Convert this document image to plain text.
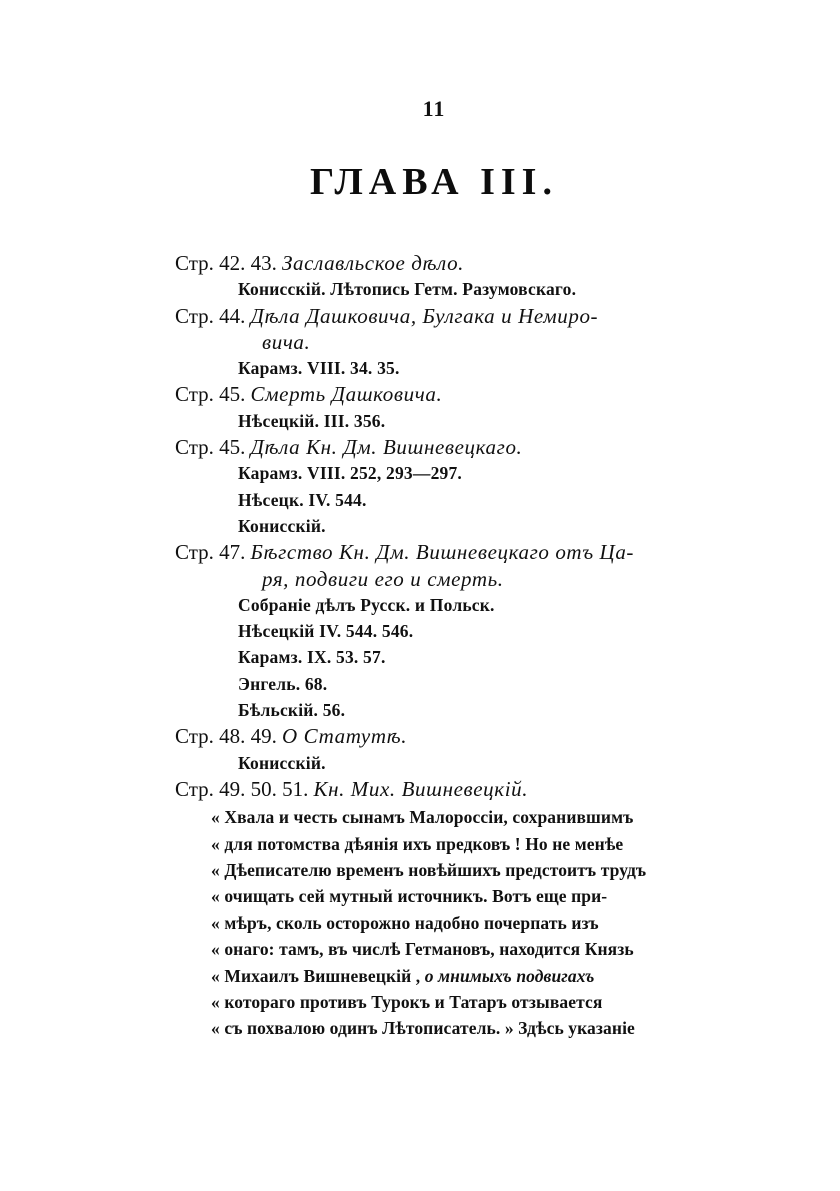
11
ГЛАВА III.
Стр. 42. 43. Заславльское дѣло.
Конисскій. Лѣтопись Гетм. Разумовскаго.
Стр. 44. Дѣла Дашковича, Булгака и Немиро-
вича.
Карамз. VIII. 34. 35.
Стр. 45. Смерть Дашковича.
Нѣсецкій. III. 356.
Стр. 45. Дѣла Кн. Дм. Вишневецкаго.
Карамз. VIII. 252, 293—297.
Нѣсецк. IV. 544.
Конисскій.
Стр. 47. Бѣгство Кн. Дм. Вишневецкаго отъ Ца-
ря, подвиги его и смерть.
Собраніе дѣлъ Русск. и Польск.
Нѣсецкій IV. 544. 546.
Карамз. IX. 53. 57.
Энгель. 68.
Бѣльскій. 56.
Стр. 48. 49. О Статутѣ.
Конисскій.
Стр. 49. 50. 51. Кн. Мих. Вишневецкій.
« Хвала и честь сынамъ Малороссіи, сохранившимъ
« для потомства дѣянія ихъ предковъ ! Но не менѣе
« Дѣеписателю временъ новѣйшихъ предстоитъ трудъ
« очищать сей мутный источникъ. Вотъ еще при-
« мѣръ, сколь осторожно надобно почерпать изъ
« онаго: тамъ, въ числѣ Гетмановъ, находится Князь
« Михаилъ Вишневецкій , о мнимыхъ подвигахъ
« котораго противъ Турокъ и Татаръ отзывается
« съ похвалою одинъ Лѣтописатель. » Здѣсь указаніе
